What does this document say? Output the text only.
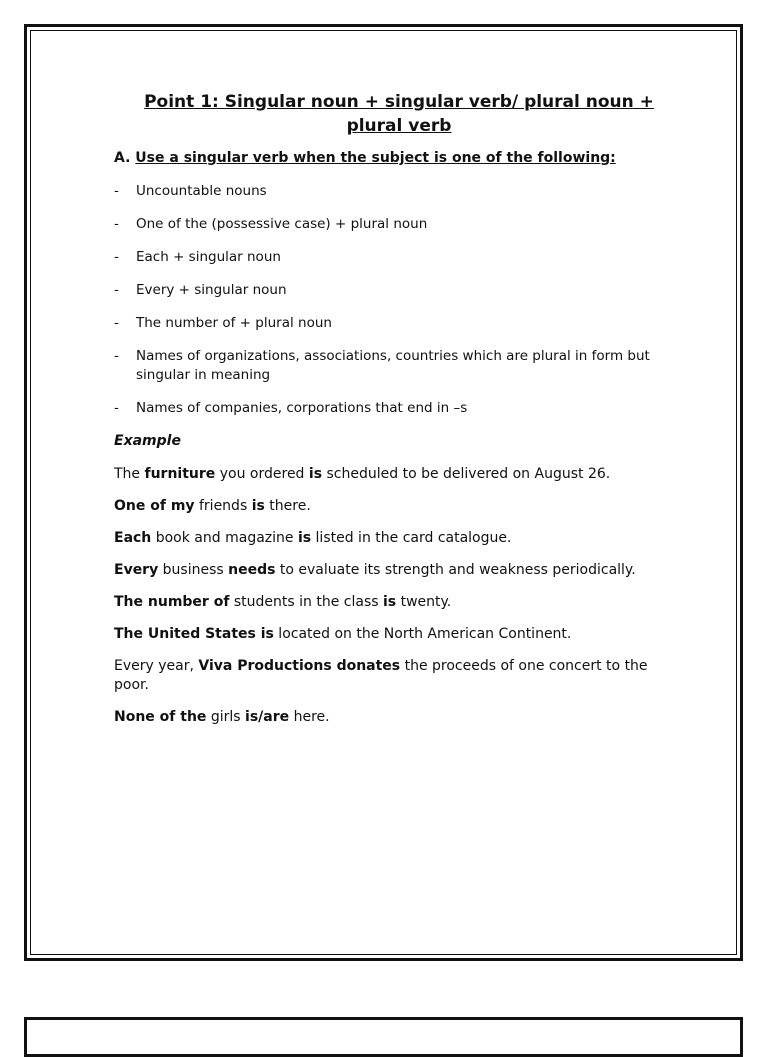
Point 1: Singular noun + singular verb/ plural noun + plural verb
A. Use a singular verb when the subject is one of the following:
- Uncountable nouns
- One of the (possessive case) + plural noun
- Each + singular noun
- Every + singular noun
- The number of + plural noun
- Names of organizations, associations, countries which are plural in form but singular in meaning
- Names of companies, corporations that end in –s
Example
The furniture you ordered is scheduled to be delivered on August 26.
One of my friends is there.
Each book and magazine is listed in the card catalogue.
Every business needs to evaluate its strength and weakness periodically.
The number of students in the class is twenty.
The United States is located on the North American Continent.
Every year, Viva Productions donates the proceeds of one concert to the poor.
None of the girls is/are here.
